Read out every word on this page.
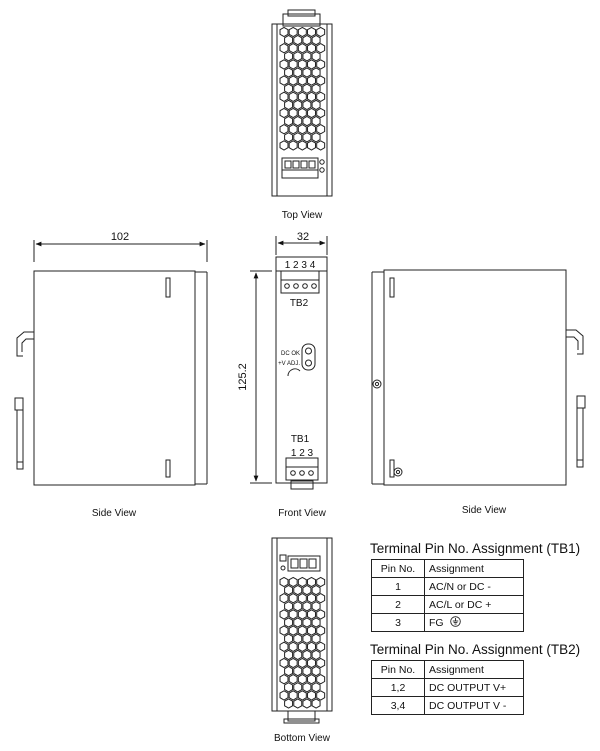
Top View
102
Side View
32
125.2
1 2 3 4
TB2
DC OK
+V ADJ.
TB1
1 2 3
Front View	Side View
Bottom View
Terminal Pin No. Assignment (TB1)
Pin No.	Assignment
1	AC/N or DC -
2	AC/L or DC +
3	FG
Terminal Pin No. Assignment (TB2)
Pin No.	Assignment
1,2	DC OUTPUT V+
3,4	DC OUTPUT V -
